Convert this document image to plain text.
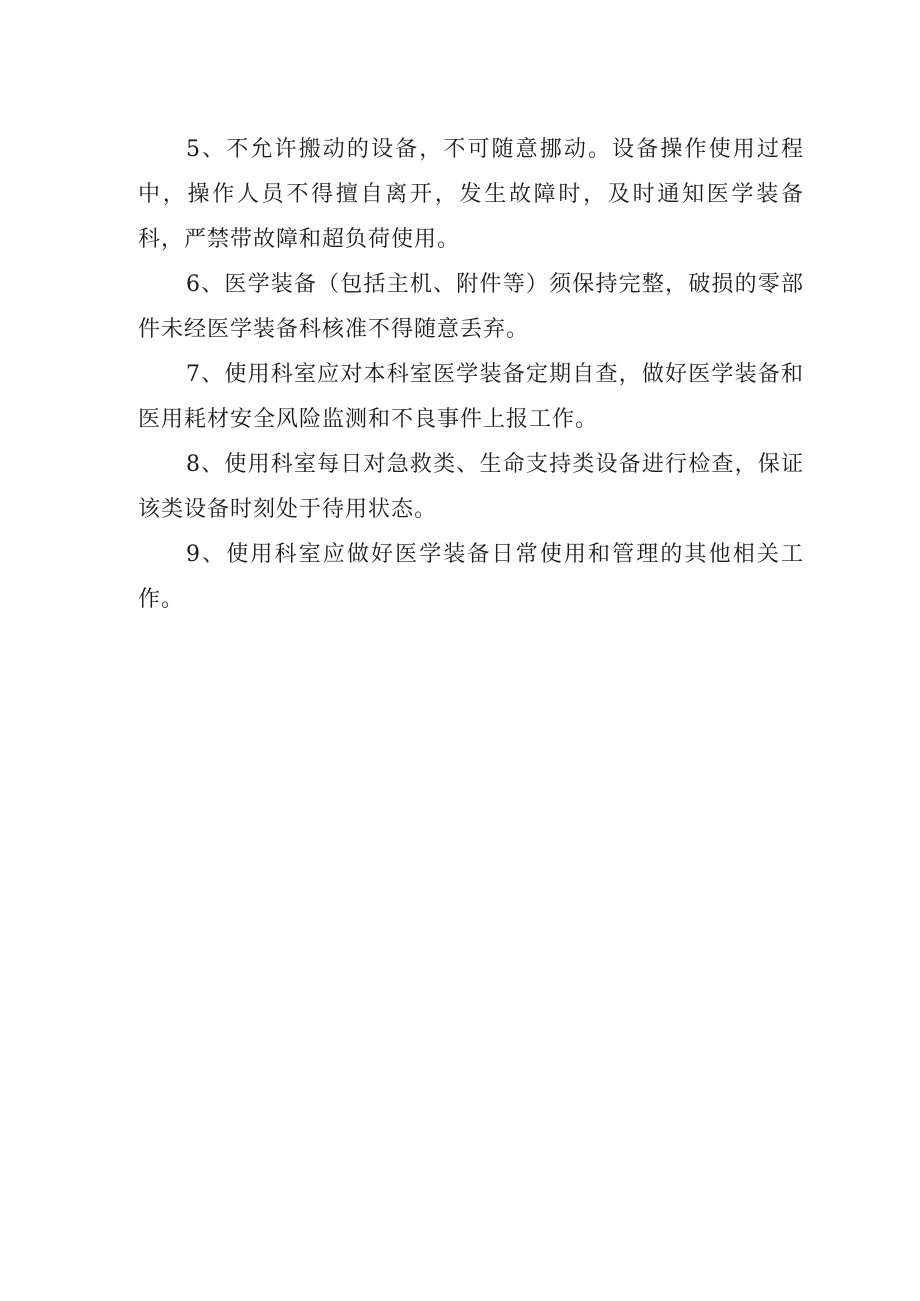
5、不允许搬动的设备，不可随意挪动。设备操作使用过程中，操作人员不得擅自离开，发生故障时，及时通知医学装备科，严禁带故障和超负荷使用。

6、医学装备（包括主机、附件等）须保持完整，破损的零部件未经医学装备科核准不得随意丢弃。

7、使用科室应对本科室医学装备定期自查，做好医学装备和医用耗材安全风险监测和不良事件上报工作。

8、使用科室每日对急救类、生命支持类设备进行检查，保证该类设备时刻处于待用状态。

9、使用科室应做好医学装备日常使用和管理的其他相关工作。
